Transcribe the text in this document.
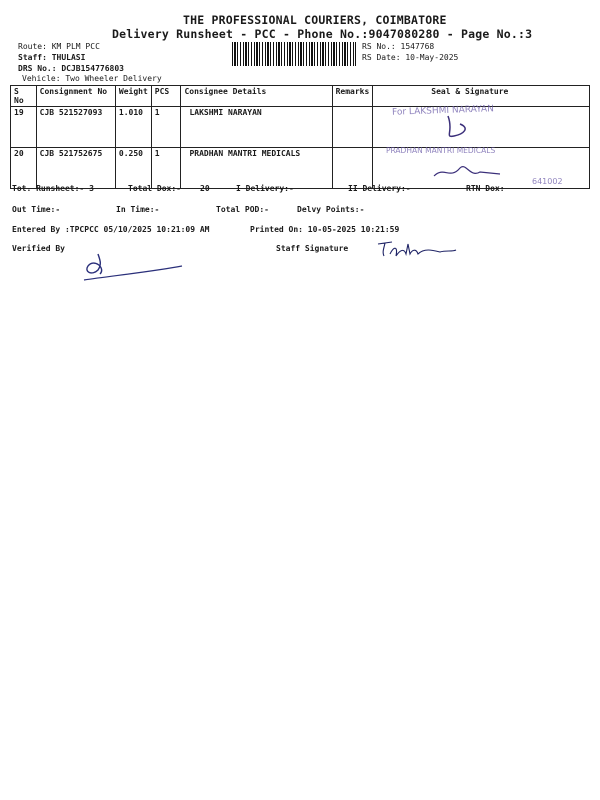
THE PROFESSIONAL COURIERS, COIMBATORE
Delivery Runsheet - PCC - Phone No.:9047080280 - Page No.:3
Route: KM PLM PCC
Staff: THULASI
DRS No.: DCJB154776803
Vehicle: Two Wheeler Delivery
RS No.: 1547768
RS Date: 10-May-2025
S No	Consignment No	Weight	PCS	Consignee Details	Remarks	Seal & Signature
19	CJB 521527093	1.010	1	LAKSHMI NARAYAN		
20	CJB 521752675	0.250	1	PRADHAN MANTRI MEDICALS		
For LAKSHMI NARAYAN
PRADHAN MANTRI MEDICALS
641002
Tot. Runsheet:- 3	Total Dox:- 20	I Delivery:-	II Delivery:-	RTN Dox:
Out Time:-	In Time:-	Total POD:-	Delvy Points:-
Entered By :TPCPCC 05/10/2025 10:21:09 AM	Printed On: 10-05-2025 10:21:59
Verified By	Staff Signature
